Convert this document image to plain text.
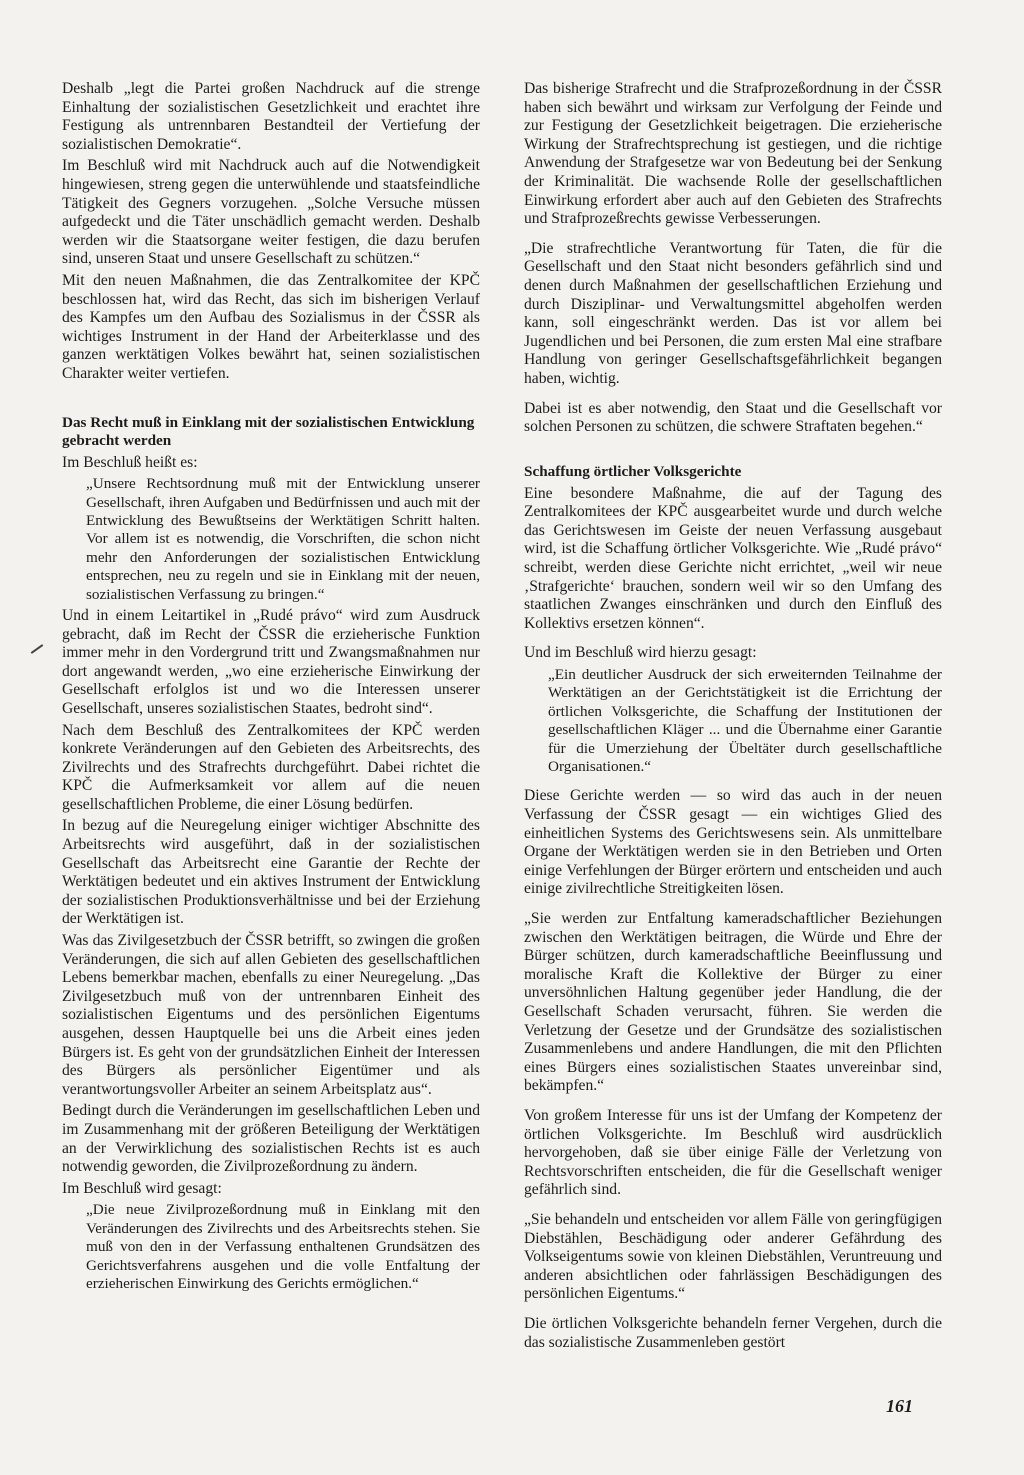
Deshalb „legt die Partei großen Nachdruck auf die strenge Einhaltung der sozialistischen Gesetzlichkeit und erachtet ihre Festigung als untrennbaren Bestandteil der Vertiefung der sozialistischen Demokratie“.

Im Beschluß wird mit Nachdruck auch auf die Notwendigkeit hingewiesen, streng gegen die unterwühlende und staatsfeindliche Tätigkeit des Gegners vorzugehen. „Solche Versuche müssen aufgedeckt und die Täter unschädlich gemacht werden. Deshalb werden wir die Staatsorgane weiter festigen, die dazu berufen sind, unseren Staat und unsere Gesellschaft zu schützen.“

Mit den neuen Maßnahmen, die das Zentralkomitee der KPČ beschlossen hat, wird das Recht, das sich im bisherigen Verlauf des Kampfes um den Aufbau des Sozialismus in der ČSSR als wichtiges Instrument in der Hand der Arbeiterklasse und des ganzen werktätigen Volkes bewährt hat, seinen sozialistischen Charakter weiter vertiefen.

Das Recht muß in Einklang mit der sozialistischen Entwicklung gebracht werden

Im Beschluß heißt es:

„Unsere Rechtsordnung muß mit der Entwicklung unserer Gesellschaft, ihren Aufgaben und Bedürfnissen und auch mit der Entwicklung des Bewußtseins der Werktätigen Schritt halten. Vor allem ist es notwendig, die Vorschriften, die schon nicht mehr den Anforderungen der sozialistischen Entwicklung entsprechen, neu zu regeln und sie in Einklang mit der neuen, sozialistischen Verfassung zu bringen.“

Und in einem Leitartikel in „Rudé právo“ wird zum Ausdruck gebracht, daß im Recht der ČSSR die erzieherische Funktion immer mehr in den Vordergrund tritt und Zwangsmaßnahmen nur dort angewandt werden, „wo eine erzieherische Einwirkung der Gesellschaft erfolglos ist und wo die Interessen unserer Gesellschaft, unseres sozialistischen Staates, bedroht sind“.

Nach dem Beschluß des Zentralkomitees der KPČ werden konkrete Veränderungen auf den Gebieten des Arbeitsrechts, des Zivilrechts und des Strafrechts durchgeführt. Dabei richtet die KPČ die Aufmerksamkeit vor allem auf die neuen gesellschaftlichen Probleme, die einer Lösung bedürfen.

In bezug auf die Neuregelung einiger wichtiger Abschnitte des Arbeitsrechts wird ausgeführt, daß in der sozialistischen Gesellschaft das Arbeitsrecht eine Garantie der Rechte der Werktätigen bedeutet und ein aktives Instrument der Entwicklung der sozialistischen Produktionsverhältnisse und bei der Erziehung der Werktätigen ist.

Was das Zivilgesetzbuch der ČSSR betrifft, so zwingen die großen Veränderungen, die sich auf allen Gebieten des gesellschaftlichen Lebens bemerkbar machen, ebenfalls zu einer Neuregelung. „Das Zivilgesetzbuch muß von der untrennbaren Einheit des sozialistischen Eigentums und des persönlichen Eigentums ausgehen, dessen Hauptquelle bei uns die Arbeit eines jeden Bürgers ist. Es geht von der grundsätzlichen Einheit der Interessen des Bürgers als persönlicher Eigentümer und als verantwortungsvoller Arbeiter an seinem Arbeitsplatz aus“.

Bedingt durch die Veränderungen im gesellschaftlichen Leben und im Zusammenhang mit der größeren Beteiligung der Werktätigen an der Verwirklichung des sozialistischen Rechts ist es auch notwendig geworden, die Zivilprozeßordnung zu ändern.

Im Beschluß wird gesagt:

„Die neue Zivilprozeßordnung muß in Einklang mit den Veränderungen des Zivilrechts und des Arbeitsrechts stehen. Sie muß von den in der Verfassung enthaltenen Grundsätzen des Gerichtsverfahrens ausgehen und die volle Entfaltung der erzieherischen Einwirkung des Gerichts ermöglichen.“

Das bisherige Strafrecht und die Strafprozeßordnung in der ČSSR haben sich bewährt und wirksam zur Verfolgung der Feinde und zur Festigung der Gesetzlichkeit beigetragen. Die erzieherische Wirkung der Strafrechtsprechung ist gestiegen, und die richtige Anwendung der Strafgesetze war von Bedeutung bei der Senkung der Kriminalität. Die wachsende Rolle der gesellschaftlichen Einwirkung erfordert aber auch auf den Gebieten des Strafrechts und Strafprozeßrechts gewisse Verbesserungen.

„Die strafrechtliche Verantwortung für Taten, die für die Gesellschaft und den Staat nicht besonders gefährlich sind und denen durch Maßnahmen der gesellschaftlichen Erziehung und durch Disziplinar- und Verwaltungsmittel abgeholfen werden kann, soll eingeschränkt werden. Das ist vor allem bei Jugendlichen und bei Personen, die zum ersten Mal eine strafbare Handlung von geringer Gesellschaftsgefährlichkeit begangen haben, wichtig.

Dabei ist es aber notwendig, den Staat und die Gesellschaft vor solchen Personen zu schützen, die schwere Straftaten begehen.“

Schaffung örtlicher Volksgerichte

Eine besondere Maßnahme, die auf der Tagung des Zentralkomitees der KPČ ausgearbeitet wurde und durch welche das Gerichtswesen im Geiste der neuen Verfassung ausgebaut wird, ist die Schaffung örtlicher Volksgerichte. Wie „Rudé právo“ schreibt, werden diese Gerichte nicht errichtet, „weil wir neue ‚Strafgerichte‘ brauchen, sondern weil wir so den Umfang des staatlichen Zwanges einschränken und durch den Einfluß des Kollektivs ersetzen können“.

Und im Beschluß wird hierzu gesagt:

„Ein deutlicher Ausdruck der sich erweiternden Teilnahme der Werktätigen an der Gerichtstätigkeit ist die Errichtung der örtlichen Volksgerichte, die Schaffung der Institutionen der gesellschaftlichen Kläger ... und die Übernahme einer Garantie für die Umerziehung der Übeltäter durch gesellschaftliche Organisationen.“

Diese Gerichte werden — so wird das auch in der neuen Verfassung der ČSSR gesagt — ein wichtiges Glied des einheitlichen Systems des Gerichtswesens sein. Als unmittelbare Organe der Werktätigen werden sie in den Betrieben und Orten einige Verfehlungen der Bürger erörtern und entscheiden und auch einige zivilrechtliche Streitigkeiten lösen.

„Sie werden zur Entfaltung kameradschaftlicher Beziehungen zwischen den Werktätigen beitragen, die Würde und Ehre der Bürger schützen, durch kameradschaftliche Beeinflussung und moralische Kraft die Kollektive der Bürger zu einer unversöhnlichen Haltung gegenüber jeder Handlung, die der Gesellschaft Schaden verursacht, führen. Sie werden die Verletzung der Gesetze und der Grundsätze des sozialistischen Zusammenlebens und andere Handlungen, die mit den Pflichten eines Bürgers eines sozialistischen Staates unvereinbar sind, bekämpfen.“

Von großem Interesse für uns ist der Umfang der Kompetenz der örtlichen Volksgerichte. Im Beschluß wird ausdrücklich hervorgehoben, daß sie über einige Fälle der Verletzung von Rechtsvorschriften entscheiden, die für die Gesellschaft weniger gefährlich sind.

„Sie behandeln und entscheiden vor allem Fälle von geringfügigen Diebstählen, Beschädigung oder anderer Gefährdung des Volkseigentums sowie von kleinen Diebstählen, Veruntreuung und anderen absichtlichen oder fahrlässigen Beschädigungen des persönlichen Eigentums.“

Die örtlichen Volksgerichte behandeln ferner Vergehen, durch die das sozialistische Zusammenleben gestört

161
